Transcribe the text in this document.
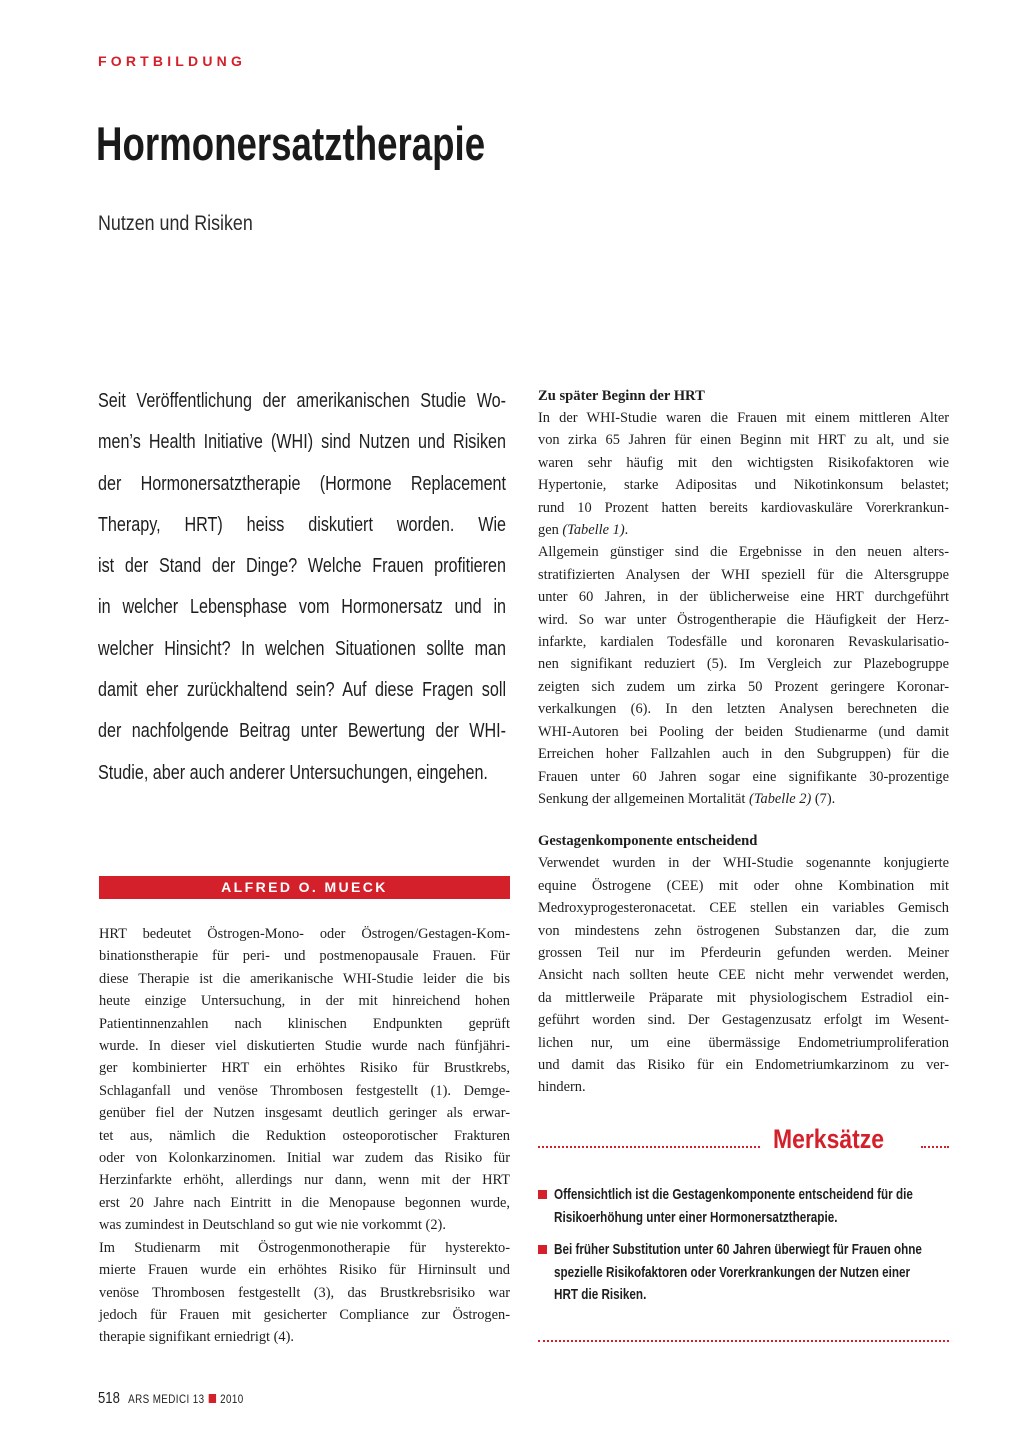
FORTBILDUNG
Hormonersatztherapie
Nutzen und Risiken
Seit Veröffentlichung der amerikanischen Studie Wo-
men’s Health Initiative (WHI) sind Nutzen und Risiken
der Hormonersatztherapie (Hormone Replacement
Therapy, HRT) heiss diskutiert worden. Wie
ist der Stand der Dinge? Welche Frauen profitieren
in welcher Lebensphase vom Hormonersatz und in
welcher Hinsicht? In welchen Situationen sollte man
damit eher zurückhaltend sein? Auf diese Fragen soll
der nachfolgende Beitrag unter Bewertung der WHI-
Studie, aber auch anderer Untersuchungen, eingehen.
ALFRED O. MUECK
HRT bedeutet Östrogen-Mono- oder Östrogen/Gestagen-Kom-
binationstherapie für peri- und postmenopausale Frauen. Für
diese Therapie ist die amerikanische WHI-Studie leider die bis
heute einzige Untersuchung, in der mit hinreichend hohen
Patientinnenzahlen nach klinischen Endpunkten geprüft
wurde. In dieser viel diskutierten Studie wurde nach fünfjähri-
ger kombinierter HRT ein erhöhtes Risiko für Brustkrebs,
Schlaganfall und venöse Thrombosen festgestellt (1). Demge-
genüber fiel der Nutzen insgesamt deutlich geringer als erwar-
tet aus, nämlich die Reduktion osteoporotischer Frakturen
oder von Kolonkarzinomen. Initial war zudem das Risiko für
Herzinfarkte erhöht, allerdings nur dann, wenn mit der HRT
erst 20 Jahre nach Eintritt in die Menopause begonnen wurde,
was zumindest in Deutschland so gut wie nie vorkommt (2).
Im Studienarm mit Östrogenmonotherapie für hysterekto-
mierte Frauen wurde ein erhöhtes Risiko für Hirninsult und
venöse Thrombosen festgestellt (3), das Brustkrebsrisiko war
jedoch für Frauen mit gesicherter Compliance zur Östrogen-
therapie signifikant erniedrigt (4).
Zu später Beginn der HRT
In der WHI-Studie waren die Frauen mit einem mittleren Alter
von zirka 65 Jahren für einen Beginn mit HRT zu alt, und sie
waren sehr häufig mit den wichtigsten Risikofaktoren wie
Hypertonie, starke Adipositas und Nikotinkonsum belastet;
rund 10 Prozent hatten bereits kardiovaskuläre Vorerkrankun-
gen (Tabelle 1).
Allgemein günstiger sind die Ergebnisse in den neuen alters-
stratifizierten Analysen der WHI speziell für die Altersgruppe
unter 60 Jahren, in der üblicherweise eine HRT durchgeführt
wird. So war unter Östrogentherapie die Häufigkeit der Herz-
infarkte, kardialen Todesfälle und koronaren Revaskularisatio-
nen signifikant reduziert (5). Im Vergleich zur Plazebogruppe
zeigten sich zudem um zirka 50 Prozent geringere Koronar-
verkalkungen (6). In den letzten Analysen berechneten die
WHI-Autoren bei Pooling der beiden Studienarme (und damit
Erreichen hoher Fallzahlen auch in den Subgruppen) für die
Frauen unter 60 Jahren sogar eine signifikante 30-prozentige
Senkung der allgemeinen Mortalität (Tabelle 2) (7).
Gestagenkomponente entscheidend
Verwendet wurden in der WHI-Studie sogenannte konjugierte
equine Östrogene (CEE) mit oder ohne Kombination mit
Medroxyprogesteronacetat. CEE stellen ein variables Gemisch
von mindestens zehn östrogenen Substanzen dar, die zum
grossen Teil nur im Pferdeurin gefunden werden. Meiner
Ansicht nach sollten heute CEE nicht mehr verwendet werden,
da mittlerweile Präparate mit physiologischem Estradiol ein-
geführt worden sind. Der Gestagenzusatz erfolgt im Wesent-
lichen nur, um eine übermässige Endometriumproliferation
und damit das Risiko für ein Endometriumkarzinom zu ver-
hindern.
Merksätze
Offensichtlich ist die Gestagenkomponente entscheidend für die
Risikoerhöhung unter einer Hormonersatztherapie.
Bei früher Substitution unter 60 Jahren überwiegt für Frauen ohne
spezielle Risikofaktoren oder Vorerkrankungen der Nutzen einer
HRT die Risiken.
518 ARS MEDICI 13 2010
